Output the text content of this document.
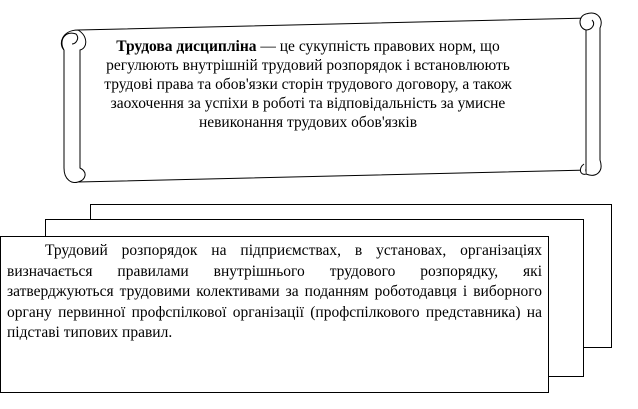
Трудова дисципліна — це сукупність правових норм, що регулюють внутрішній трудовий розпорядок і встановлюють трудові права та обов'язки сторін трудового договору, а також заохочення за успіхи в роботі та відповідальність за умисне невиконання трудових обов'язків
Трудовий розпорядок на підприємствах, в установах, організаціях визначається правилами внутрішнього трудового розпорядку, які затверджуються трудовими колективами за поданням роботодавця і виборного органу первинної профспілкової організації (профспілкового представника) на підставі типових правил.
